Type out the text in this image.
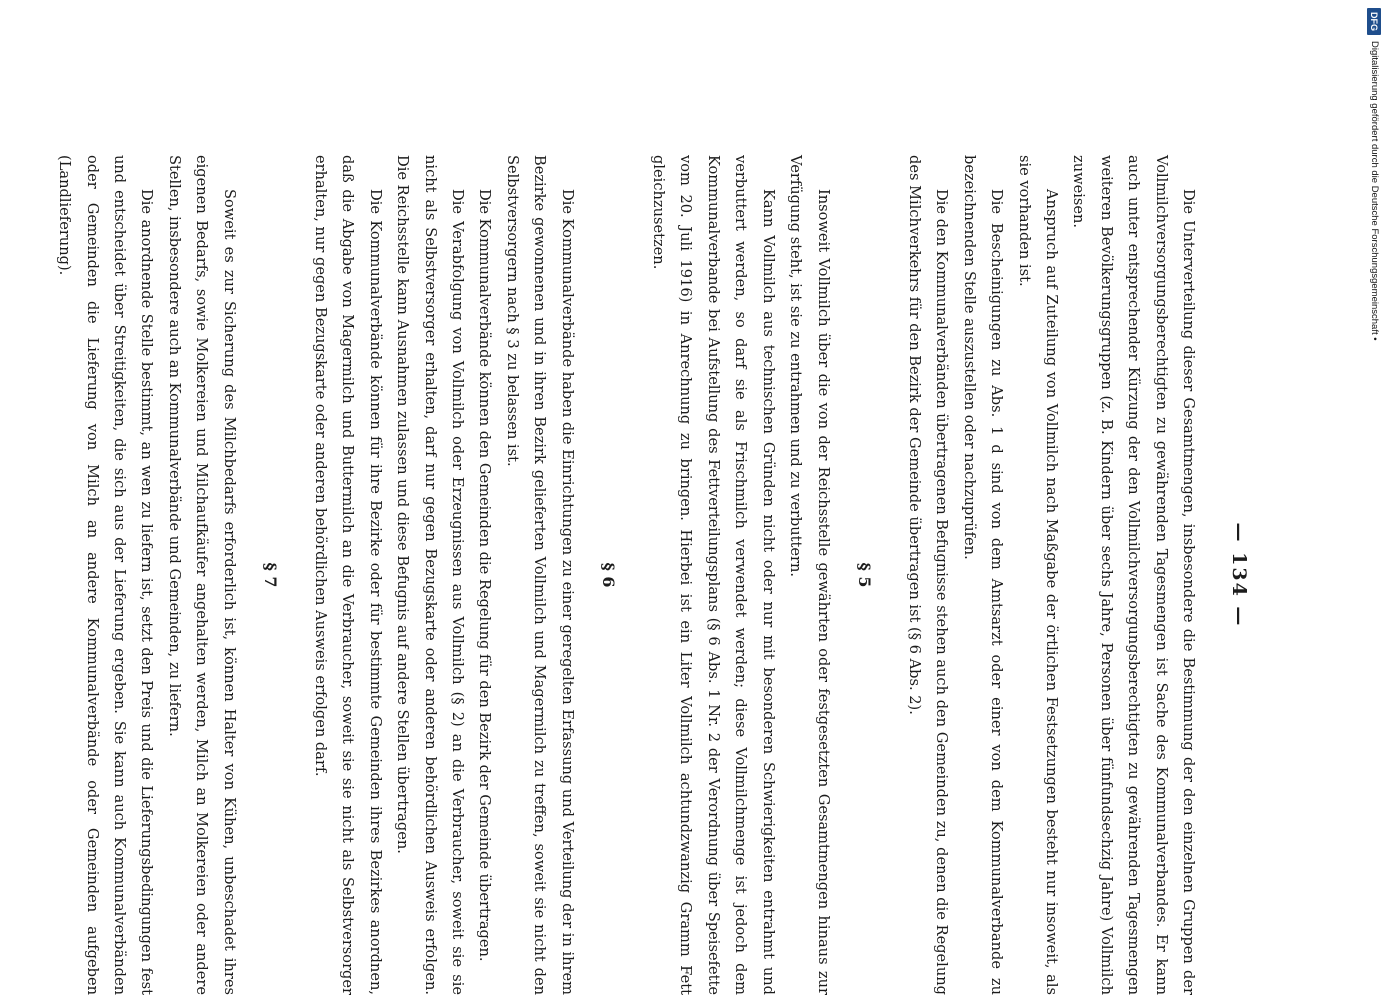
— 134 —

Die Unterverteilung dieser Gesamtmengen, insbesondere die Bestimmung der den einzelnen Gruppen der Vollmilchversorgungsberechtigten zu gewährenden Tagesmengen ist Sache des Kommunalverbandes. Er kann auch unter entsprechender Kürzung der den Vollmilchversorgungsberechtigten zu gewährenden Tagesmengen weiteren Bevölkerungsgruppen (z. B. Kindern über sechs Jahre, Personen über fünfundsechzig Jahre) Vollmilch zuweisen.

Anspruch auf Zuteilung von Vollmilch nach Maßgabe der örtlichen Festsetzungen besteht nur insoweit, als sie vorhanden ist.

Die Bescheinigungen zu Abs. 1 d sind von dem Amtsarzt oder einer von dem Kommunalverbande zu bezeichnenden Stelle auszustellen oder nachzuprüfen.

Die den Kommunalverbänden übertragenen Befugnisse stehen auch den Gemeinden zu, denen die Regelung des Milchverkehrs für den Bezirk der Gemeinde übertragen ist (§ 6 Abs. 2).

§ 5

Insoweit Vollmilch über die von der Reichsstelle gewährten oder festgesetzten Gesamtmengen hinaus zur Verfügung steht, ist sie zu entrahmen und zu verbuttern.

Kann Vollmilch aus technischen Gründen nicht oder nur mit besonderen Schwierigkeiten entrahmt und verbuttert werden, so darf sie als Frischmilch verwendet werden; diese Vollmilchmenge ist jedoch dem Kommunalverbande bei Aufstellung des Fettverteilungsplans (§ 6 Abs. 1 Nr. 2 der Verordnung über Speisefette vom 20. Juli 1916) in Anrechnung zu bringen. Hierbei ist ein Liter Vollmilch achtundzwanzig Gramm Fett gleichzusetzen.

§ 6

Die Kommunalverbände haben die Einrichtungen zu einer geregelten Erfassung und Verteilung der in ihrem Bezirke gewonnenen und in ihren Bezirk gelieferten Vollmilch und Magermilch zu treffen, soweit sie nicht den Selbstversorgern nach § 3 zu belassen ist.

Die Kommunalverbände können den Gemeinden die Regelung für den Bezirk der Gemeinde übertragen.

Die Verabfolgung von Vollmilch oder Erzeugnissen aus Vollmilch (§ 2) an die Verbraucher, soweit sie sie nicht als Selbstversorger erhalten, darf nur gegen Bezugskarte oder anderen behördlichen Ausweis erfolgen. Die Reichsstelle kann Ausnahmen zulassen und diese Befugnis auf andere Stellen übertragen.

Die Kommunalverbände können für ihre Bezirke oder für bestimmte Gemeinden ihres Bezirkes anordnen, daß die Abgabe von Magermilch und Buttermilch an die Verbraucher, soweit sie sie nicht als Selbstversorger erhalten, nur gegen Bezugskarte oder anderen behördlichen Ausweis erfolgen darf.

§ 7

Soweit es zur Sicherung des Milchbedarfs erforderlich ist, können Halter von Kühen, unbeschadet ihres eigenen Bedarfs, sowie Molkereien und Milchaufkäufer angehalten werden, Milch an Molkereien oder andere Stellen, insbesondere auch an Kommunalverbände und Gemeinden, zu liefern.

Die anordnende Stelle bestimmt, an wen zu liefern ist, setzt den Preis und die Lieferungsbedingungen fest und entscheidet über Streitigkeiten, die sich aus der Lieferung ergeben. Sie kann auch Kommunalverbänden oder Gemeinden die Lieferung von Milch an andere Kommunalverbände oder Gemeinden aufgeben (Landlieferung).

DFG
Digitalisierung gefördert durch die Deutsche Forschungsgemeinschaft •
